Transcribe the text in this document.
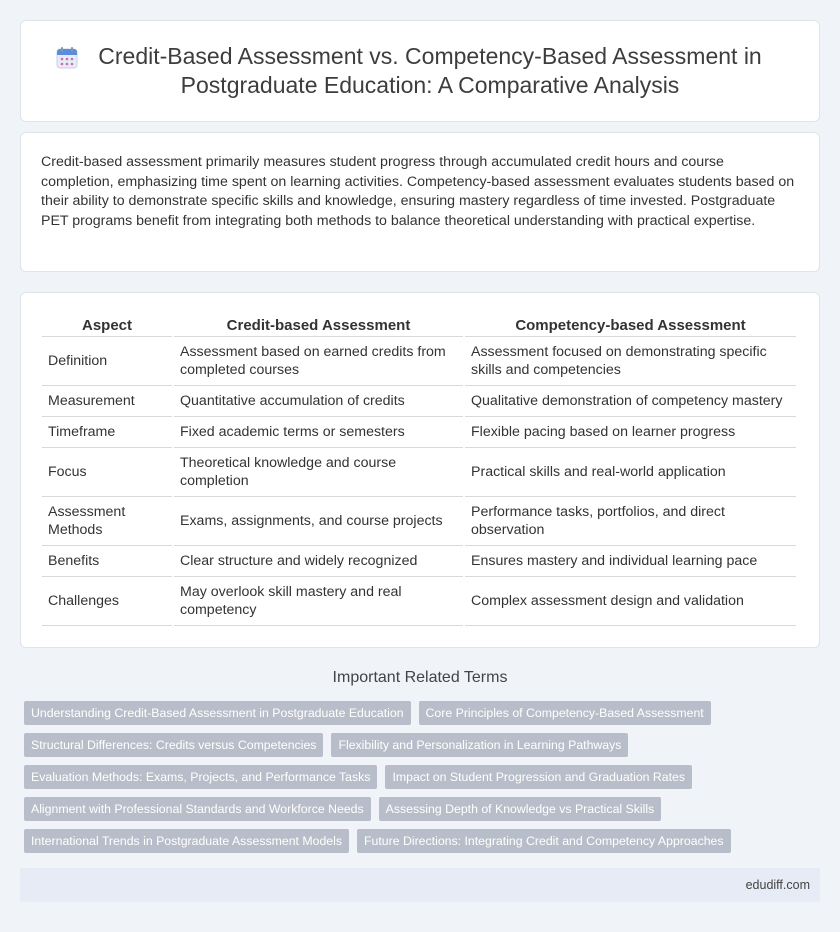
Credit-Based Assessment vs. Competency-Based Assessment in Postgraduate Education: A Comparative Analysis

Credit-based assessment primarily measures student progress through accumulated credit hours and course completion, emphasizing time spent on learning activities. Competency-based assessment evaluates students based on their ability to demonstrate specific skills and knowledge, ensuring mastery regardless of time invested. Postgraduate PET programs benefit from integrating both methods to balance theoretical understanding with practical expertise.

Aspect	Credit-based Assessment	Competency-based Assessment
Definition	Assessment based on earned credits from completed courses	Assessment focused on demonstrating specific skills and competencies
Measurement	Quantitative accumulation of credits	Qualitative demonstration of competency mastery
Timeframe	Fixed academic terms or semesters	Flexible pacing based on learner progress
Focus	Theoretical knowledge and course completion	Practical skills and real-world application
Assessment Methods	Exams, assignments, and course projects	Performance tasks, portfolios, and direct observation
Benefits	Clear structure and widely recognized	Ensures mastery and individual learning pace
Challenges	May overlook skill mastery and real competency	Complex assessment design and validation
Important Related Terms
Understanding Credit-Based Assessment in Postgraduate Education	Core Principles of Competency-Based Assessment
Structural Differences: Credits versus Competencies	Flexibility and Personalization in Learning Pathways
Evaluation Methods: Exams, Projects, and Performance Tasks	Impact on Student Progression and Graduation Rates
Alignment with Professional Standards and Workforce Needs	Assessing Depth of Knowledge vs Practical Skills
International Trends in Postgraduate Assessment Models	Future Directions: Integrating Credit and Competency Approaches
edudiff.com
